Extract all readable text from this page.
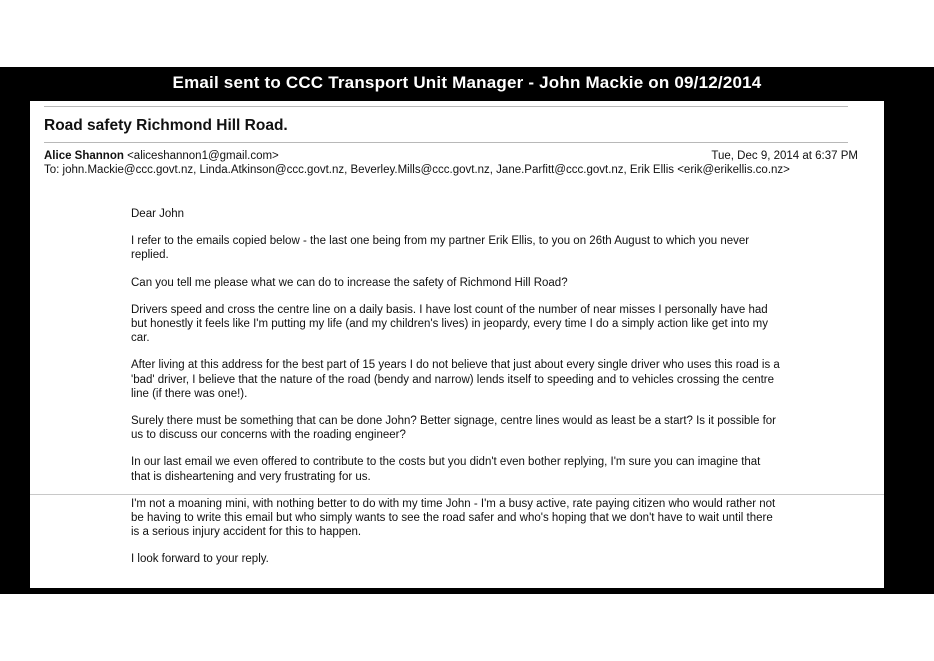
Email sent to CCC Transport Unit Manager - John Mackie on 09/12/2014
Road safety Richmond Hill Road.
Alice Shannon <aliceshannon1@gmail.com>	Tue, Dec 9, 2014 at 6:37 PM
To: john.Mackie@ccc.govt.nz, Linda.Atkinson@ccc.govt.nz, Beverley.Mills@ccc.govt.nz, Jane.Parfitt@ccc.govt.nz, Erik Ellis <erik@erikellis.co.nz>

Dear John

I refer to the emails copied below - the last one being from my partner Erik Ellis, to you on 26th August to which you never replied.

Can you tell me please what we can do to increase the safety of Richmond Hill Road?

Drivers speed and cross the centre line on a daily basis. I have lost count of the number of near misses I personally have had but honestly it feels like I'm putting my life (and my children's lives) in jeopardy, every time I do a simply action like get into my car.

After living at this address for the best part of 15 years I do not believe that just about every single driver who uses this road is a 'bad' driver, I believe that the nature of the road (bendy and narrow) lends itself to speeding and to vehicles crossing the centre line (if there was one!).

Surely there must be something that can be done John? Better signage, centre lines would as least be a start? Is it possible for us to discuss our concerns with the roading engineer?

In our last email we even offered to contribute to the costs but you didn't even bother replying, I'm sure you can imagine that that is disheartening and very frustrating for us.

I'm not a moaning mini, with nothing better to do with my time John - I'm a busy active, rate paying citizen who would rather not be having to write this email but who simply wants to see the road safer and who's hoping that we don't have to wait until there is a serious injury accident for this to happen.

I look forward to your reply.
